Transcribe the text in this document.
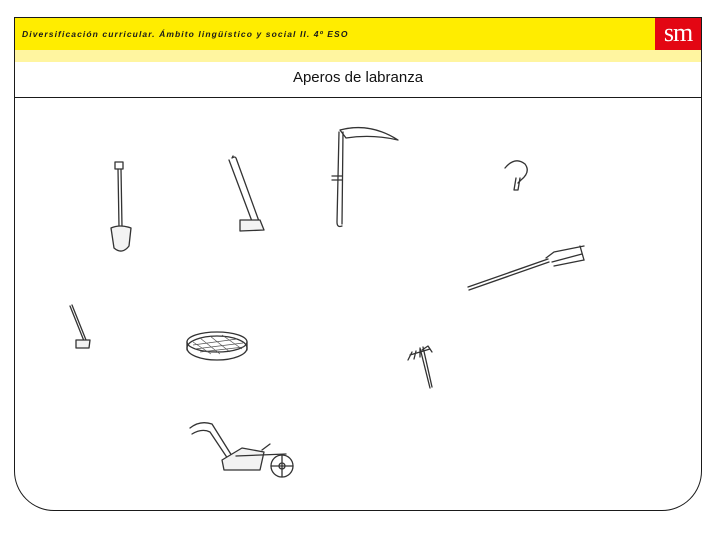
Diversificación curricular. Ámbito lingüístico y social II. 4º ESO	sm
Aperos de labranza
